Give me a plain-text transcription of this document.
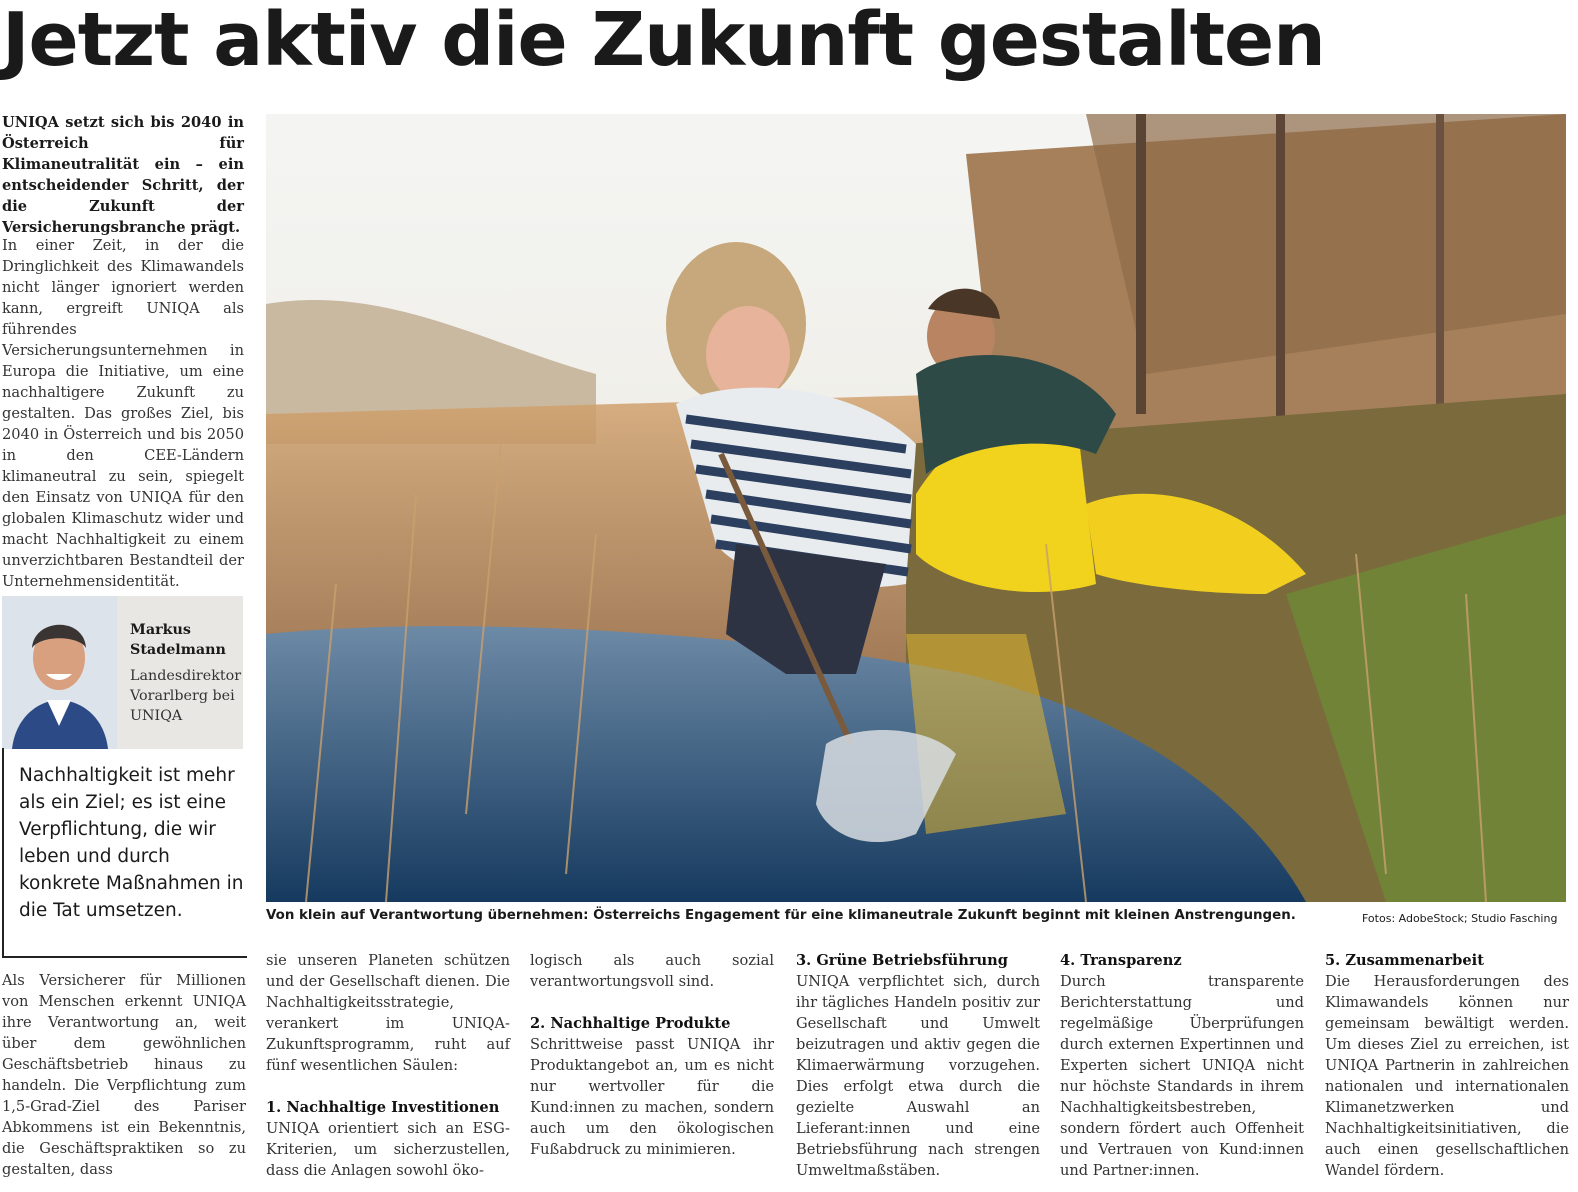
Jetzt aktiv die Zukunft gestalten

UNIQA setzt sich bis 2040 in Österreich für Klimaneutralität ein – ein entscheidender Schritt, der die Zukunft der Versicherungsbranche prägt.

In einer Zeit, in der die Dringlichkeit des Klimawandels nicht länger ignoriert werden kann, ergreift UNIQA als führendes Versicherungsunternehmen in Europa die Initiative, um eine nachhaltigere Zukunft zu gestalten. Das großes Ziel, bis 2040 in Österreich und bis 2050 in den CEE-Ländern klimaneutral zu sein, spiegelt den Einsatz von UNIQA für den globalen Klimaschutz wider und macht Nachhaltigkeit zu einem unverzichtbaren Bestandteil der Unternehmensidentität.

Von klein auf Verantwortung übernehmen: Österreichs Engagement für eine klimaneutrale Zukunft beginnt mit kleinen Anstrengungen.	Fotos: AdobeStock; Studio Fasching

Markus Stadelmann

Landesdirektor Vorarlberg bei UNIQA

Nachhaltigkeit ist mehr als ein Ziel; es ist eine Verpflichtung, die wir leben und durch konkrete Maßnahmen in die Tat umsetzen.

Als Versicherer für Millionen von Menschen erkennt UNIQA ihre Verantwortung an, weit über dem gewöhnlichen Geschäftsbetrieb hinaus zu handeln. Die Verpflichtung zum 1,5-Grad-Ziel des Pariser Abkommens ist ein Bekenntnis, die Geschäftspraktiken so zu gestalten, dass

sie unseren Planeten schützen und der Gesellschaft dienen. Die Nachhaltigkeitsstrategie, verankert im UNIQA-Zukunftsprogramm, ruht auf fünf wesentlichen Säulen:

1. Nachhaltige Investitionen

UNIQA orientiert sich an ESG-Kriterien, um sicherzustellen, dass die Anlagen sowohl öko-

logisch als auch sozial verantwortungsvoll sind.

2. Nachhaltige Produkte

Schrittweise passt UNIQA ihr Produktangebot an, um es nicht nur wertvoller für die Kund:innen zu machen, sondern auch um den ökologischen Fußabdruck zu minimieren.

3. Grüne Betriebsführung

UNIQA verpflichtet sich, durch ihr tägliches Handeln positiv zur Gesellschaft und Umwelt beizutragen und aktiv gegen die Klimaerwärmung vorzugehen. Dies erfolgt etwa durch die gezielte Auswahl an Lieferant:innen und eine Betriebsführung nach strengen Umweltmaßstäben.

4. Transparenz

Durch transparente Berichterstattung und regelmäßige Überprüfungen durch externen Expertinnen und Experten sichert UNIQA nicht nur höchste Standards in ihrem Nachhaltigkeitsbestreben, sondern fördert auch Offenheit und Vertrauen von Kund:innen und Partner:innen.

5. Zusammenarbeit

Die Herausforderungen des Klimawandels können nur gemeinsam bewältigt werden. Um dieses Ziel zu erreichen, ist UNIQA Partnerin in zahlreichen nationalen und internationalen Klimanetzwerken und Nachhaltigkeitsinitiativen, die auch einen gesellschaftlichen Wandel fördern.
